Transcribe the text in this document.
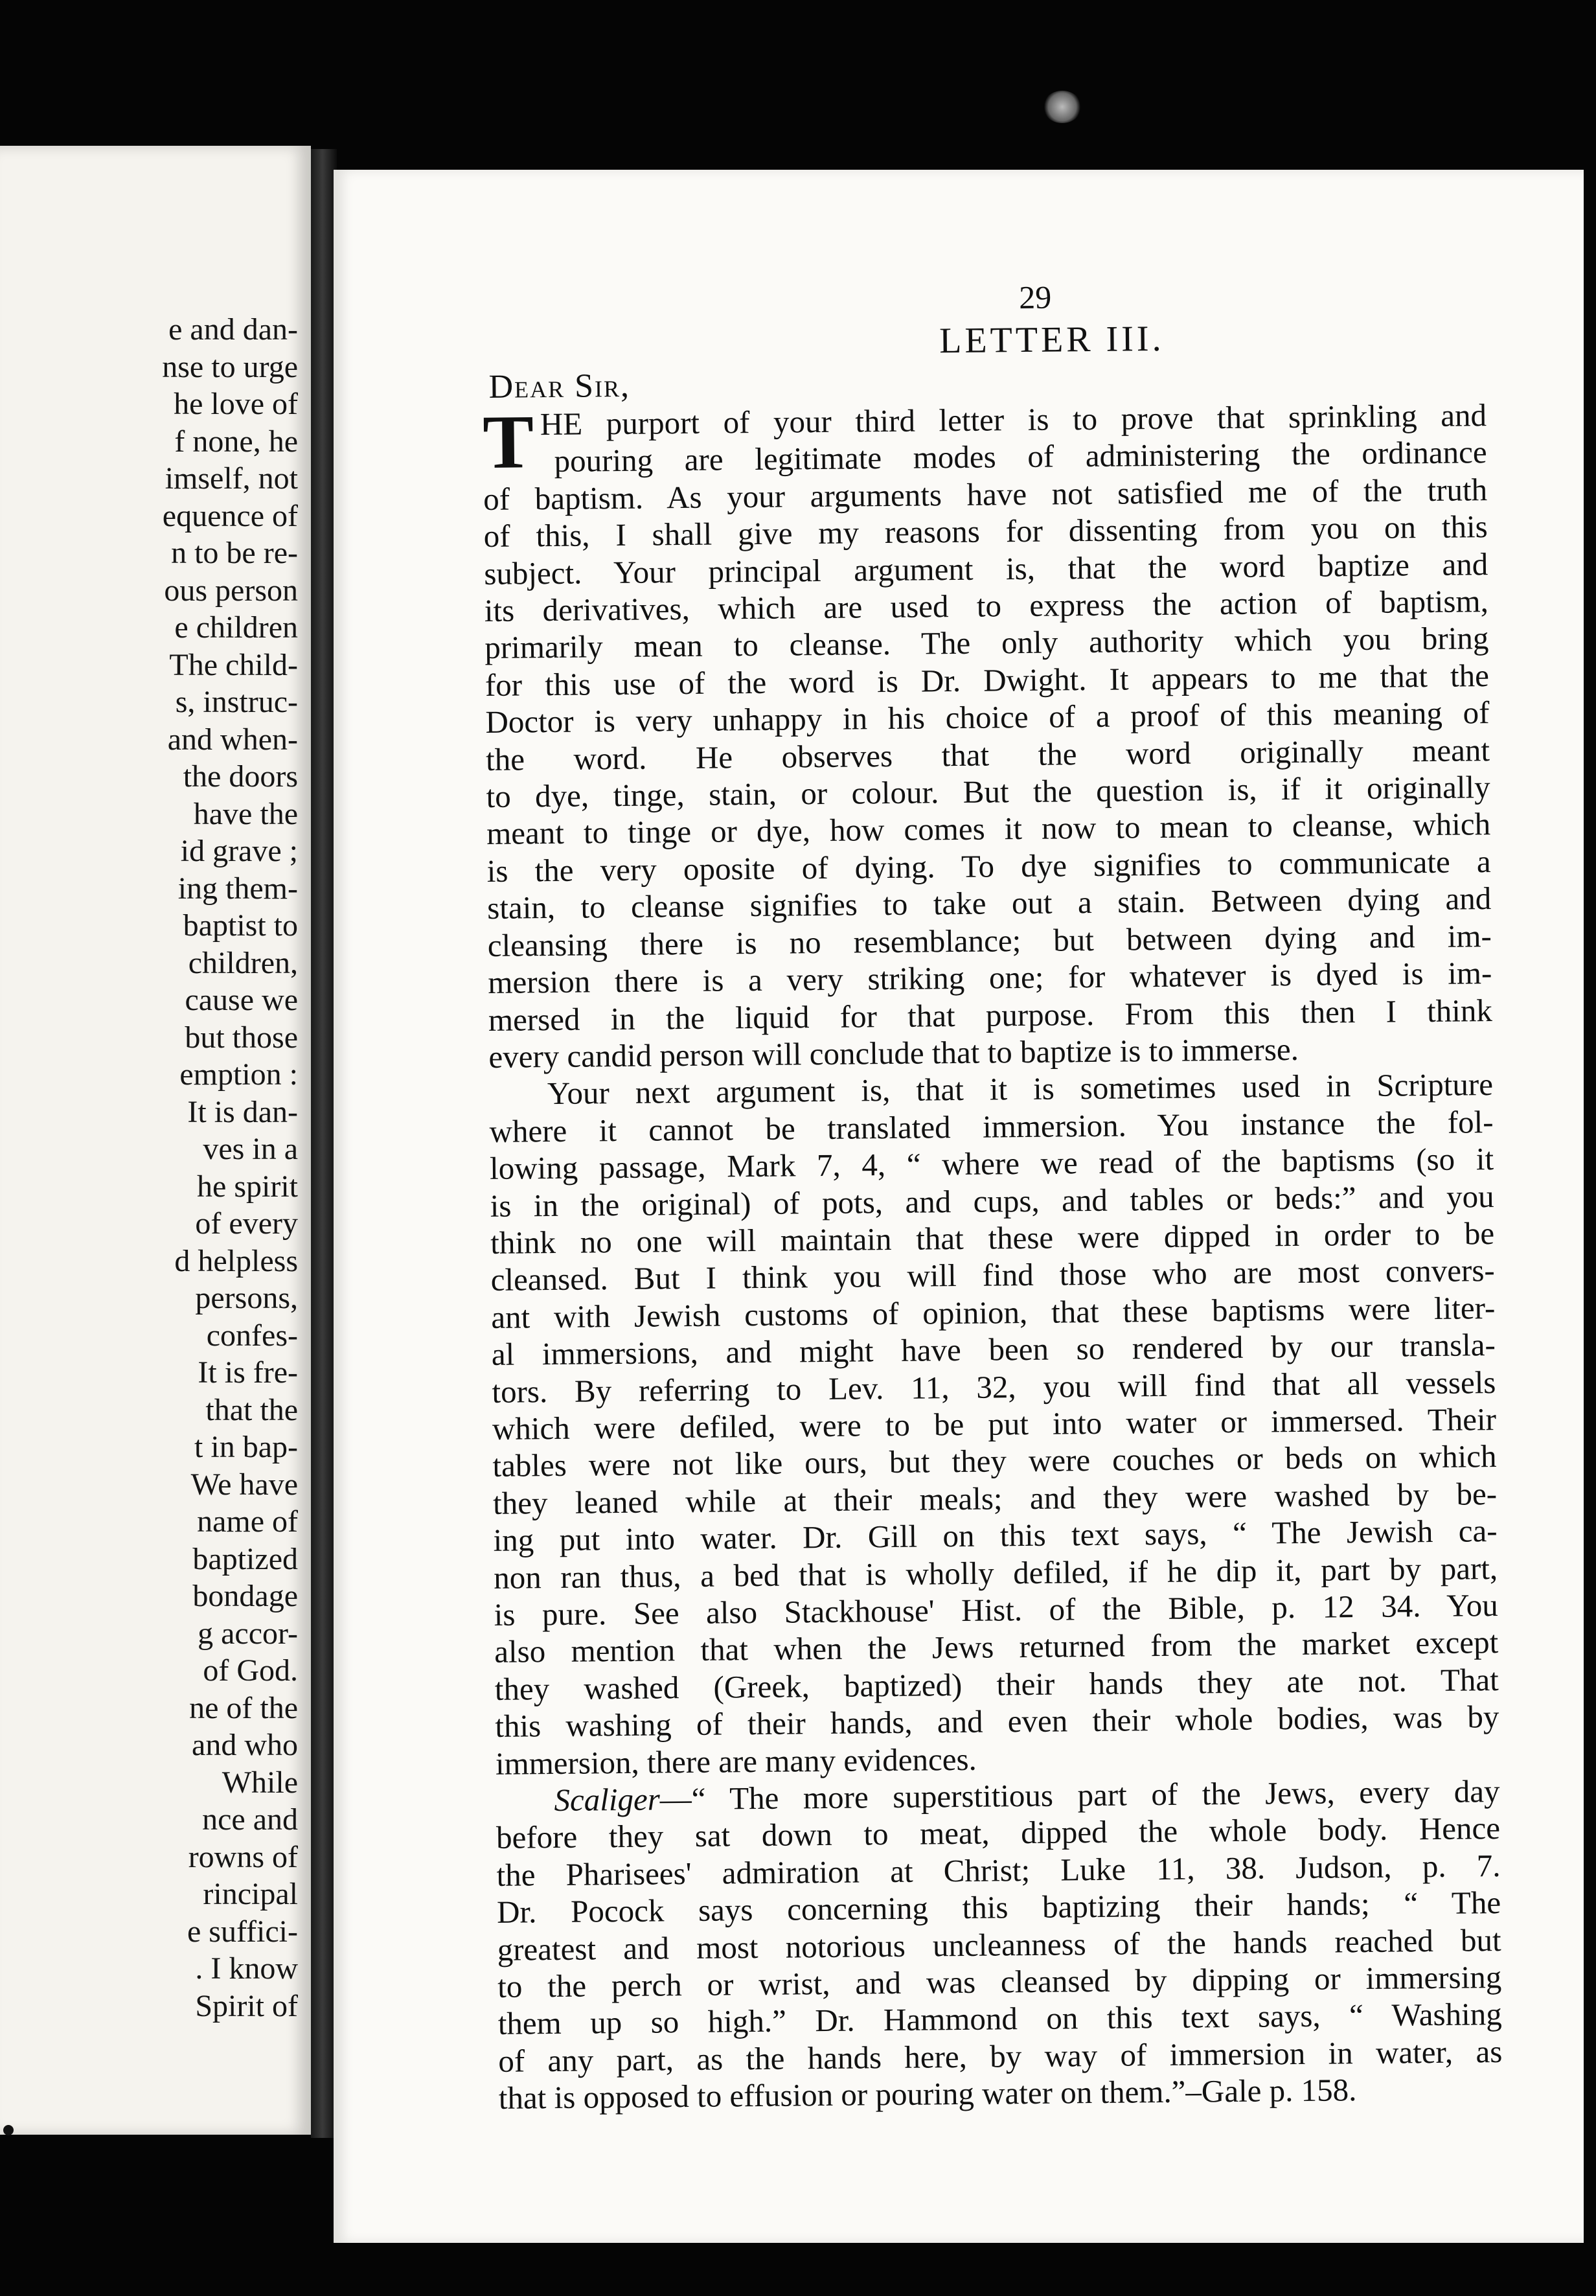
e and dan-
nse to urge
he love of
f none, he
imself, not
equence of
n to be re-
ous person
e children
The child-
s, instruc-
and when-
the doors
have the
id grave ;
ing them-
baptist to
children,
cause we
but those
emption :
It is dan-
ves in a
he spirit
of every
d helpless
persons,
confes-
It is fre-
that the
t in bap-
We have
name of
baptized
bondage
g accor-
of God.
ne of the
and who
While
nce and
rowns of
rincipal
e suffici-
. I know
Spirit of

29

LETTER III.

Dear Sir,

T HE purport of your third letter is to prove that sprinkling and
pouring are legitimate modes of administering the ordinance
of baptism. As your arguments have not satisfied me of the truth
of this, I shall give my reasons for dissenting from you on this
subject. Your principal argument is, that the word baptize and
its derivatives, which are used to express the action of baptism,
primarily mean to cleanse. The only authority which you bring
for this use of the word is Dr. Dwight. It appears to me that the
Doctor is very unhappy in his choice of a proof of this meaning of
the word. He observes that the word originally meant
to dye, tinge, stain, or colour. But the question is, if it originally
meant to tinge or dye, how comes it now to mean to cleanse, which
is the very oposite of dying. To dye signifies to communicate a
stain, to cleanse signifies to take out a stain. Between dying and
cleansing there is no resemblance; but between dying and im-
mersion there is a very striking one; for whatever is dyed is im-
mersed in the liquid for that purpose. From this then I think
every candid person will conclude that to baptize is to immerse.
Your next argument is, that it is sometimes used in Scripture
where it cannot be translated immersion. You instance the fol-
lowing passage, Mark 7, 4, “ where we read of the baptisms (so it
is in the original) of pots, and cups, and tables or beds:” and you
think no one will maintain that these were dipped in order to be
cleansed. But I think you will find those who are most convers-
ant with Jewish customs of opinion, that these baptisms were liter-
al immersions, and might have been so rendered by our transla-
tors. By referring to Lev. 11, 32, you will find that all vessels
which were defiled, were to be put into water or immersed. Their
tables were not like ours, but they were couches or beds on which
they leaned while at their meals; and they were washed by be-
ing put into water. Dr. Gill on this text says, “ The Jewish ca-
non ran thus, a bed that is wholly defiled, if he dip it, part by part,
is pure. See also Stackhouse' Hist. of the Bible, p. 12 34. You
also mention that when the Jews returned from the market except
they washed (Greek, baptized) their hands they ate not. That
this washing of their hands, and even their whole bodies, was by
immersion, there are many evidences.
Scaliger—“ The more superstitious part of the Jews, every day
before they sat down to meat, dipped the whole body. Hence
the Pharisees' admiration at Christ; Luke 11, 38. Judson, p. 7.
Dr. Pocock says concerning this baptizing their hands; “ The
greatest and most notorious uncleanness of the hands reached but
to the perch or wrist, and was cleansed by dipping or immersing
them up so high.” Dr. Hammond on this text says, “ Washing
of any part, as the hands here, by way of immersion in water, as
that is opposed to effusion or pouring water on them.”–Gale p. 158.
